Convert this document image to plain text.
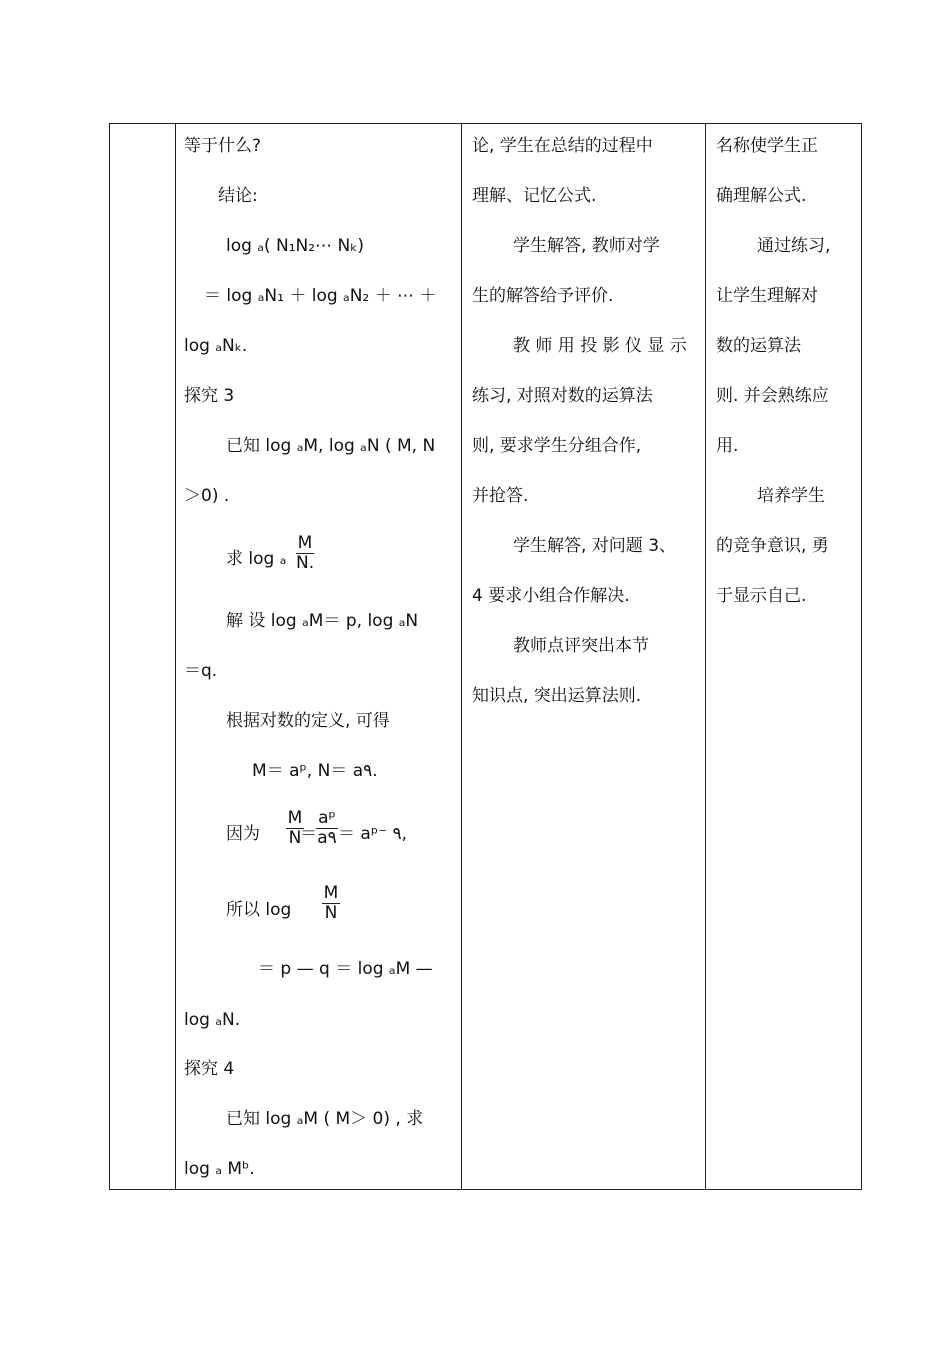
等于什么?
结论:
log ₐ( N₁N₂⋯ Nₖ)
＝ log ₐN₁ ＋ log ₐN₂ ＋ ⋯ ＋
log ₐNₖ.
探究 3
已知 log ₐM, log ₐN ( M, N
＞0) .
求 log ₐ
M
N.
解 设 log ₐM＝ p, log ₐN
＝q.
根据对数的定义, 可得
M＝ aᵖ, N＝ a۹.
因为
M
N
＝
aᵖ
a۹ ＝ aᵖ⁻ ۹,
所以 log
M
N
＝ p — q ＝ log ₐM —
log ₐN.
探究 4
已知 log ₐM ( M＞ 0) , 求
log ₐ Mᵇ.
论, 学生在总结的过程中
理解、记忆公式.
学生解答, 教师对学
生的解答给予评价.
教 师 用 投 影 仪 显 示
练习, 对照对数的运算法
则, 要求学生分组合作,
并抢答.
学生解答, 对问题 3、
4 要求小组合作解决.
教师点评突出本节
知识点, 突出运算法则.
名称使学生正
确理解公式.
通过练习,
让学生理解对
数的运算法
则. 并会熟练应
用.
培养学生
的竞争意识, 勇
于显示自己.
